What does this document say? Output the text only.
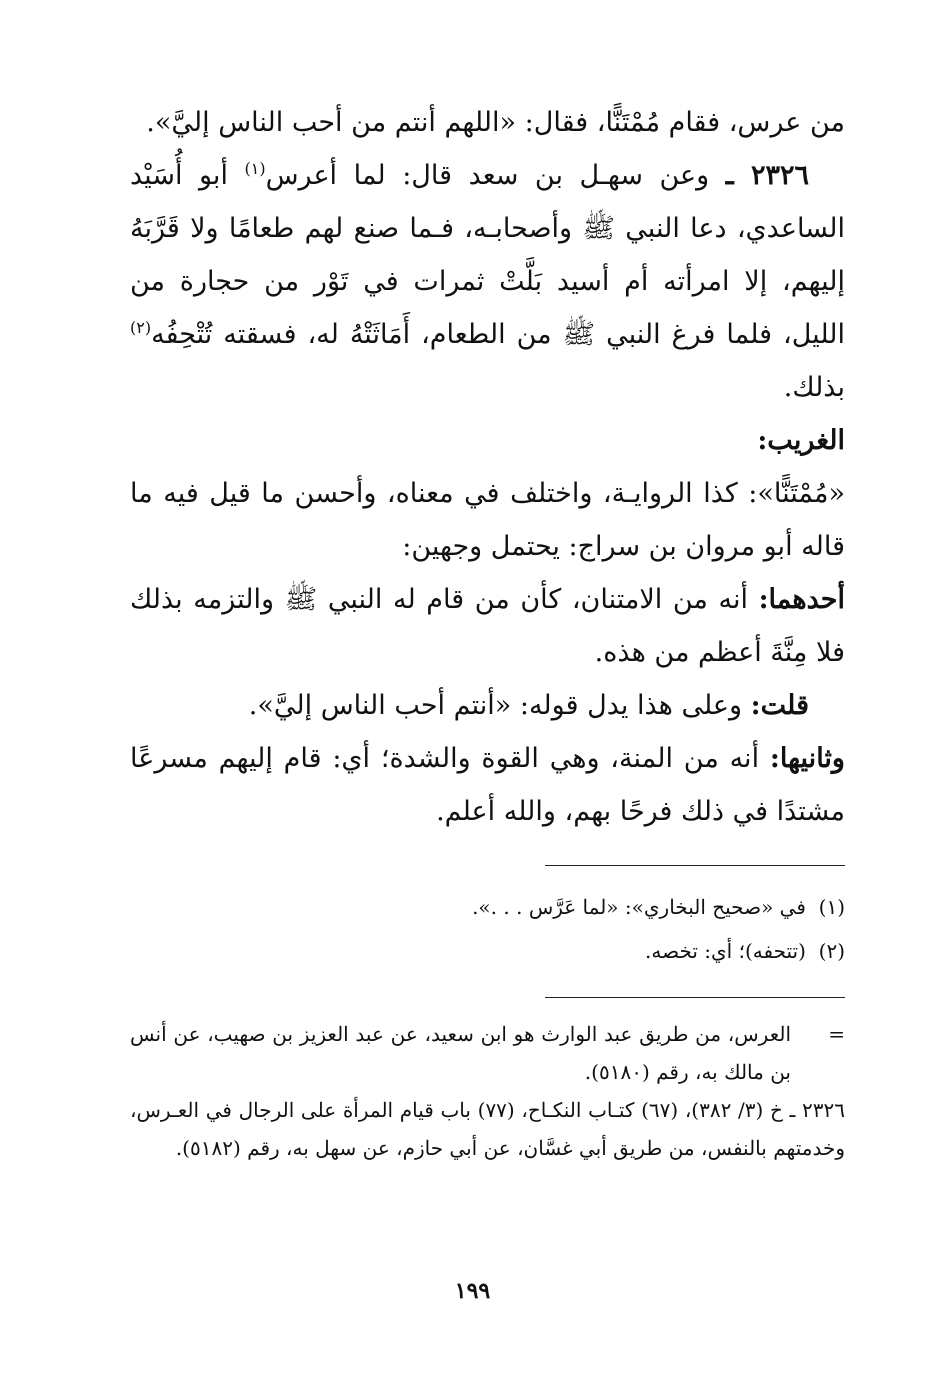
من عرس، فقام مُمْتَنًّا، فقال: «اللهم أنتم من أحب الناس إليَّ».

٢٣٢٦ ـ وعن سهـل بن سعد قال: لما أعرس$^{(١)}$ أبو أُسَيْد الساعدي، دعا النبي ﷺ وأصحابـه، فـما صنع لهم طعامًا ولا قَرَّبَهُ إليهم، إلا امرأته أم أسيد بَلَّتْ ثمرات في تَوْر من حجارة من الليل، فلما فرغ النبي ﷺ من الطعام، أَمَاثَتْهُ له، فسقته تُتْحِفُه$^{(٢)}$ بذلك.

الغريب:

«مُمْتَنًّا»: كذا الروايـة، واختلف في معناه، وأحسن ما قيل فيه ما قاله أبو مروان بن سراج: يحتمل وجهين:

أحدهما: أنه من الامتنان، كأن من قام له النبي ﷺ والتزمه بذلك فلا مِنَّةَ أعظم من هذه.

قلت: وعلى هذا يدل قوله: «أنتم أحب الناس إليَّ».

وثانيها: أنه من المنة، وهي القوة والشدة؛ أي: قام إليهم مسرعًا مشتدًا في ذلك فرحًا بهم، والله أعلم.

(١)  في «صحيح البخاري»: «لما عَرَّس . . .».

(٢)  (تتحفه)؛ أي: تخصه.

=
العرس، من طريق عبد الوارث هو ابن سعيد، عن عبد العزيز بن صهيب، عن أنس بن مالك به، رقم (٥١٨٠).

٢٣٢٦ ـ خ (٣/ ٣٨٢)، (٦٧) كتـاب النكـاح، (٧٧) باب قيام المرأة على الرجال في العـرس، وخدمتهم بالنفس، من طريق أبي غسَّان، عن أبي حازم، عن سهل به، رقم (٥١٨٢).

١٩٩
